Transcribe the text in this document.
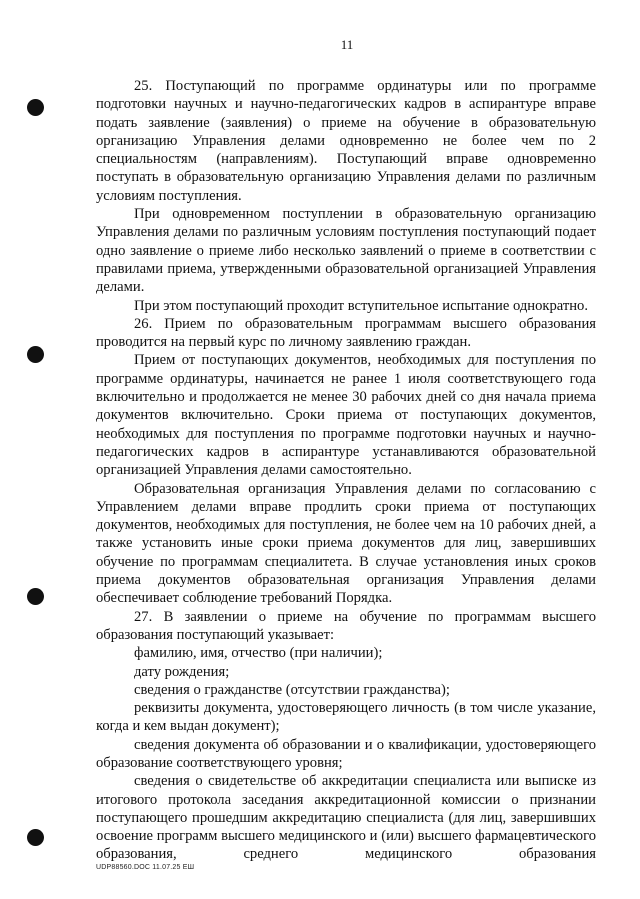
11

25. Поступающий по программе ординатуры или по программе подготовки научных и научно-педагогических кадров в аспирантуре вправе подать заявление (заявления) о приеме на обучение в образовательную организацию Управления делами одновременно не более чем по 2 специальностям (направлениям). Поступающий вправе одновременно поступать в образовательную организацию Управления делами по различным условиям поступления.

При одновременном поступлении в образовательную организацию Управления делами по различным условиям поступления поступающий подает одно заявление о приеме либо несколько заявлений о приеме в соответствии с правилами приема, утвержденными образовательной организацией Управления делами.

При этом поступающий проходит вступительное испытание однократно.

26. Прием по образовательным программам высшего образования проводится на первый курс по личному заявлению граждан.

Прием от поступающих документов, необходимых для поступления по программе ординатуры, начинается не ранее 1 июля соответствующего года включительно и продолжается не менее 30 рабочих дней со дня начала приема документов включительно. Сроки приема от поступающих документов, необходимых для поступления по программе подготовки научных и научно-педагогических кадров в аспирантуре устанавливаются образовательной организацией Управления делами самостоятельно.

Образовательная организация Управления делами по согласованию с Управлением делами вправе продлить сроки приема от поступающих документов, необходимых для поступления, не более чем на 10 рабочих дней, а также установить иные сроки приема документов для лиц, завершивших обучение по программам специалитета. В случае установления иных сроков приема документов образовательная организация Управления делами обеспечивает соблюдение требований Порядка.

27. В заявлении о приеме на обучение по программам высшего образования поступающий указывает:

фамилию, имя, отчество (при наличии);

дату рождения;

сведения о гражданстве (отсутствии гражданства);

реквизиты документа, удостоверяющего личность (в том числе указание, когда и кем выдан документ);

сведения документа об образовании и о квалификации, удостоверяющего образование соответствующего уровня;

сведения о свидетельстве об аккредитации специалиста или выписке из итогового протокола заседания аккредитационной комиссии о признании поступающего прошедшим аккредитацию специалиста (для лиц, завершивших освоение программ высшего медицинского и (или) высшего фармацевтического образования, среднего медицинского образования

UDP88560.DOC 11.07.25 ЕШ
